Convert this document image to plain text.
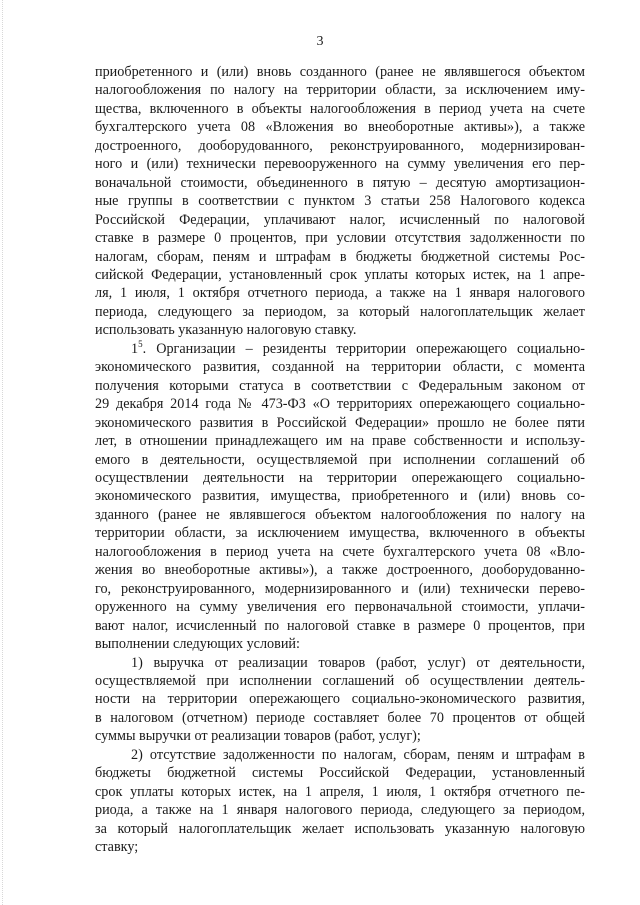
3
приобретенного и (или) вновь созданного (ранее не являвшегося объектом
налогообложения по налогу на территории области, за исключением иму-
щества, включенного в объекты налогообложения в период учета на счете
бухгалтерского учета 08 «Вложения во внеоборотные активы»), а также
достроенного, дооборудованного, реконструированного, модернизирован-
ного и (или) технически перевооруженного на сумму увеличения его пер-
воначальной стоимости, объединенного в пятую – десятую амортизацион-
ные группы в соответствии с пунктом 3 статьи 258 Налогового кодекса
Российской Федерации, уплачивают налог, исчисленный по налоговой
ставке в размере 0 процентов, при условии отсутствия задолженности по
налогам, сборам, пеням и штрафам в бюджеты бюджетной системы Рос-
сийской Федерации, установленный срок уплаты которых истек, на 1 апре-
ля, 1 июля, 1 октября отчетного периода, а также на 1 января налогового
периода, следующего за периодом, за который налогоплательщик желает
использовать указанную налоговую ставку.
$1^5$. Организации – резиденты территории опережающего социально-
экономического развития, созданной на территории области, с момента
получения которыми статуса в соответствии с Федеральным законом от
29 декабря 2014 года № 473-ФЗ «О территориях опережающего социально-
экономического развития в Российской Федерации» прошло не более пяти
лет, в отношении принадлежащего им на праве собственности и использу-
емого в деятельности, осуществляемой при исполнении соглашений об
осуществлении деятельности на территории опережающего социально-
экономического развития, имущества, приобретенного и (или) вновь со-
зданного (ранее не являвшегося объектом налогообложения по налогу на
территории области, за исключением имущества, включенного в объекты
налогообложения в период учета на счете бухгалтерского учета 08 «Вло-
жения во внеоборотные активы»), а также достроенного, дооборудованно-
го, реконструированного, модернизированного и (или) технически перево-
оруженного на сумму увеличения его первоначальной стоимости, уплачи-
вают налог, исчисленный по налоговой ставке в размере 0 процентов, при
выполнении следующих условий:
1) выручка от реализации товаров (работ, услуг) от деятельности,
осуществляемой при исполнении соглашений об осуществлении деятель-
ности на территории опережающего социально-экономического развития,
в налоговом (отчетном) периоде составляет более 70 процентов от общей
суммы выручки от реализации товаров (работ, услуг);
2) отсутствие задолженности по налогам, сборам, пеням и штрафам в
бюджеты бюджетной системы Российской Федерации, установленный
срок уплаты которых истек, на 1 апреля, 1 июля, 1 октября отчетного пе-
риода, а также на 1 января налогового периода, следующего за периодом,
за который налогоплательщик желает использовать указанную налоговую
ставку;
